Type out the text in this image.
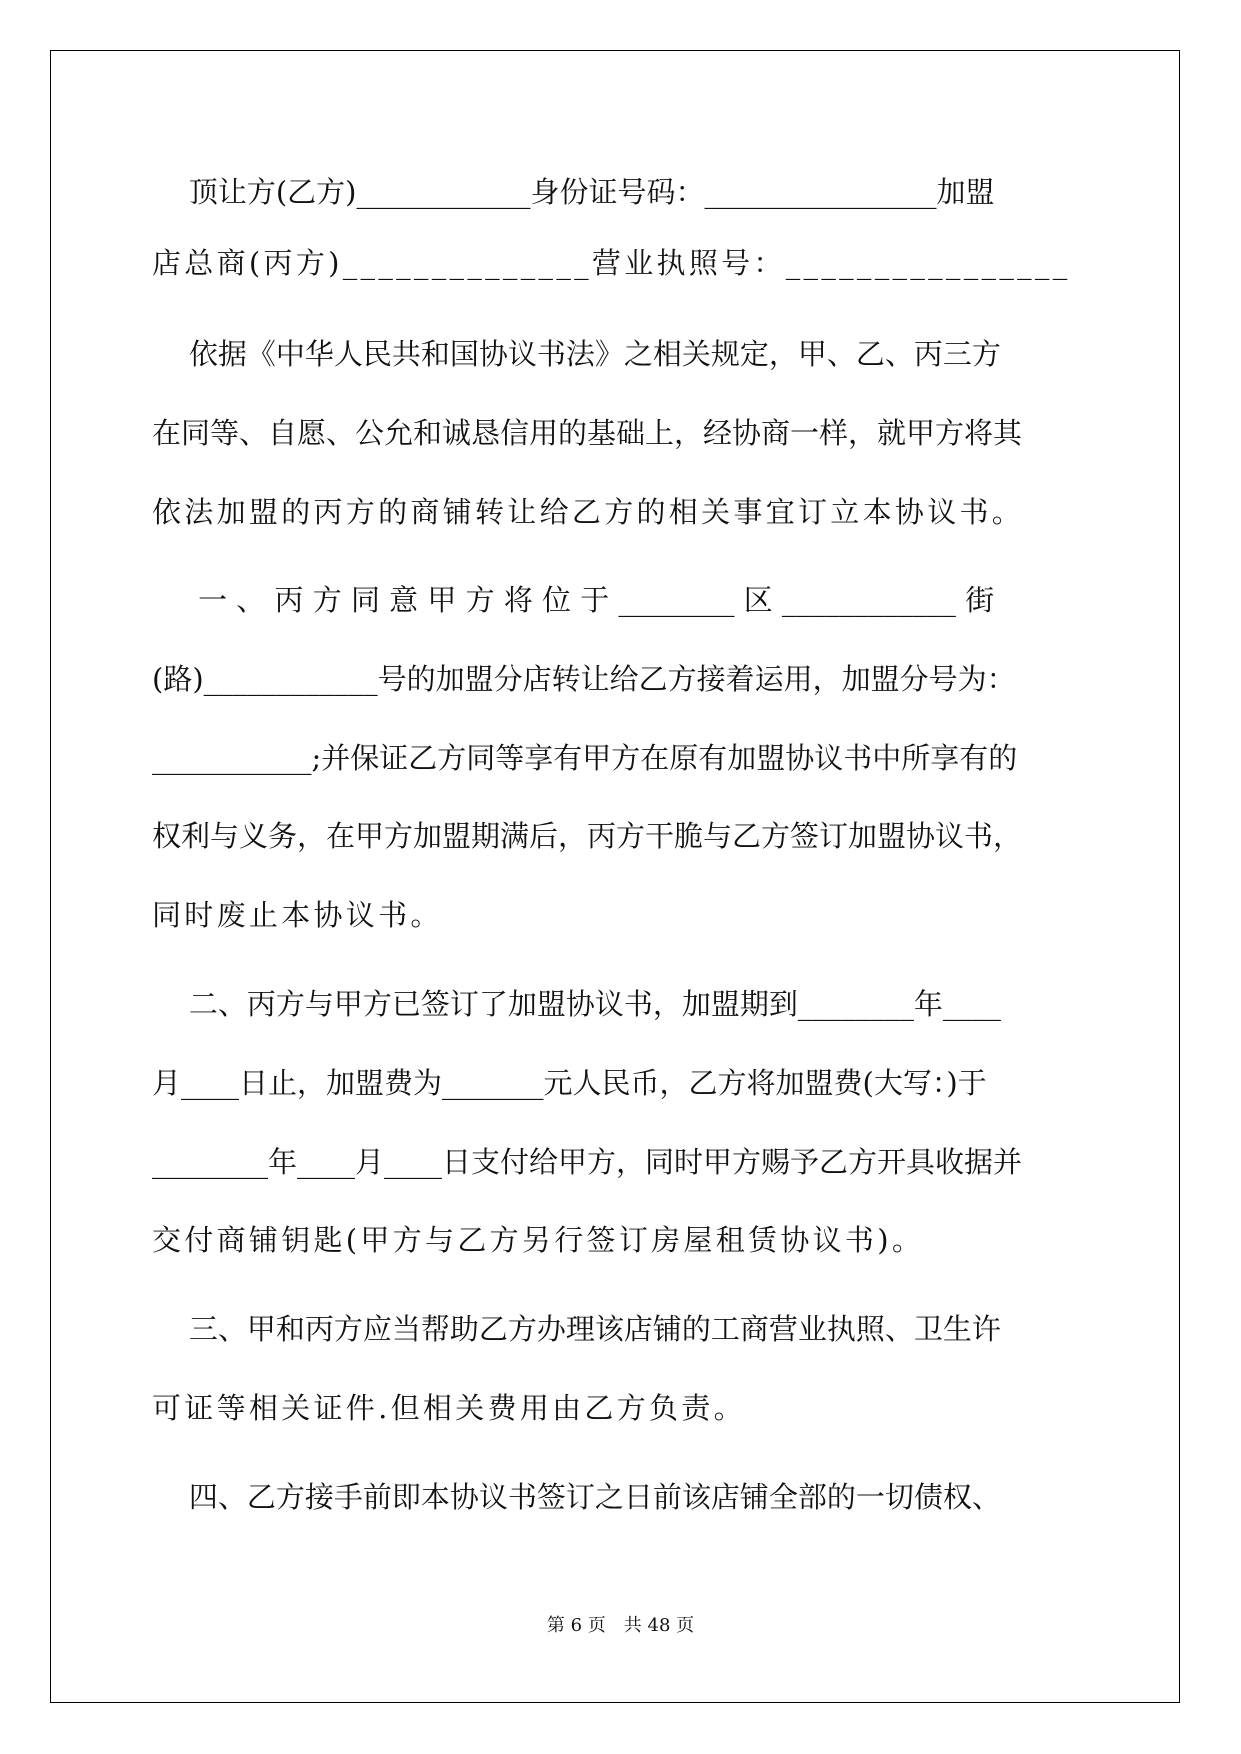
顶让方(乙方)____________身份证号码：________________加盟
店总商(丙方)______________营业执照号：________________
依据《中华人民共和国协议书法》之相关规定，甲、乙、丙三方
在同等、自愿、公允和诚恳信用的基础上，经协商一样，就甲方将其
依法加盟的丙方的商铺转让给乙方的相关事宜订立本协议书。
一 、 丙 方 同 意 甲 方 将 位 于 ________ 区 ____________ 街
(路)____________号的加盟分店转让给乙方接着运用，加盟分号为：
___________;并保证乙方同等享有甲方在原有加盟协议书中所享有的
权利与义务，在甲方加盟期满后，丙方干脆与乙方签订加盟协议书，
同时废止本协议书。
二、丙方与甲方已签订了加盟协议书，加盟期到________年____
月____日止，加盟费为_______元人民币，乙方将加盟费(大写：)于
________年____月____日支付给甲方，同时甲方赐予乙方开具收据并
交付商铺钥匙(甲方与乙方另行签订房屋租赁协议书)。
三、甲和丙方应当帮助乙方办理该店铺的工商营业执照、卫生许
可证等相关证件.但相关费用由乙方负责。
四、乙方接手前即本协议书签订之日前该店铺全部的一切债权、
第 6 页 共 48 页
